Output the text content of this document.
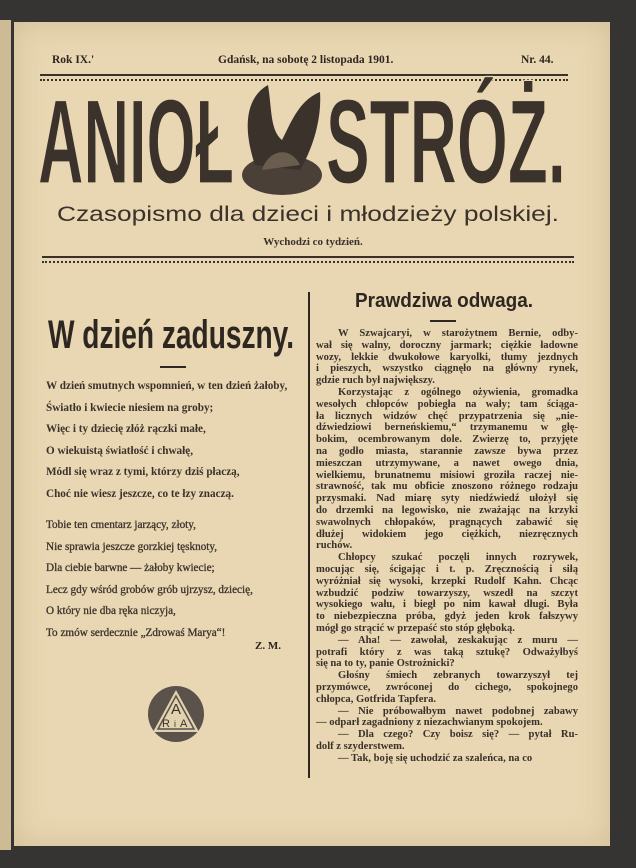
Rok IX.'	Gdańsk, na sobotę 2 listopada 1901.	Nr. 44.
ANIOŁ STRÓŻ.
Czasopismo dla dzieci i młodzieży polskiej.
Wychodzi co tydzień.
W dzień zaduszny.
W dzień smutnych wspomnień, w ten dzień żałoby,
Światło i kwiecie niesiem na groby;
Więc i ty dziecię złóż rączki małe,
O wiekuistą światłość i chwałę,
Módl się wraz z tymi, którzy dziś płaczą,
Choć nie wiesz jeszcze, co te łzy znaczą.
Tobie ten cmentarz jarzący, złoty,
Nie sprawia jeszcze gorzkiej tęsknoty,
Dla ciebie barwne — żałoby kwiecie;
Lecz gdy wśród grobów grób ujrzysz, dziecię,
O który nie dba ręka niczyja,
To zmów serdecznie „Zdrowaś Marya“!
Z. M.
A R i A
Prawdziwa odwaga.
W Szwajcaryi, w starożytnem Bernie, odby-
wał się walny, doroczny jarmark; ciężkie ładowne
wozy, lekkie dwukołowe karyolki, tłumy jezdnych
i pieszych, wszystko ciągnęło na główny rynek,
gdzie ruch był największy.
Korzystając z ogólnego ożywienia, gromadka
wesołych chłopców pobiegła na wały; tam ściąga-
ła licznych widzów chęć przypatrzenia się „nie-
dźwiedziowi berneńskiemu,“ trzymanemu w głę-
bokim, ocembrowanym dole. Zwierzę to, przyjęte
na godło miasta, starannie zawsze bywa przez
mieszczan utrzymywane, a nawet owego dnia,
wielkiemu, brunatnemu misiowi groziła raczej nie-
strawność, tak mu obficie znoszono różnego rodzaju
przysmaki. Nad miarę syty niedźwiedź ułożył się
do drzemki na legowisko, nie zważając na krzyki
swawolnych chłopaków, pragnących zabawić się
dłużej widokiem jego ciężkich, niezręcznych
ruchów.
Chłopcy szukać poczęli innych rozrywek,
mocując się, ścigając i t. p. Zręcznością i siłą
wyróżniał się wysoki, krzepki Rudolf Kahn. Chcąc
wzbudzić podziw towarzyszy, wszedł na szczyt
wysokiego wału, i biegł po nim kawał długi. Była
to niebezpieczna próba, gdyż jeden krok fałszywy
mógł go strącić w przepaść sto stóp głęboką.
— Aha! — zawołał, zeskakując z muru —
potrafi który z was taką sztukę? Odważyłbyś
się na to ty, panie Ostrożnicki?
Głośny śmiech zebranych towarzyszył tej
przymówce, zwróconej do cichego, spokojnego
chłopca, Gotfrida Tapfera.
— Nie próbowałbym nawet podobnej zabawy
— odparł zagadniony z niezachwianym spokojem.
— Dla czego? Czy boisz się? — pytał Ru-
dolf z szyderstwem.
— Tak, boję się uchodzić za szaleńca, na co
